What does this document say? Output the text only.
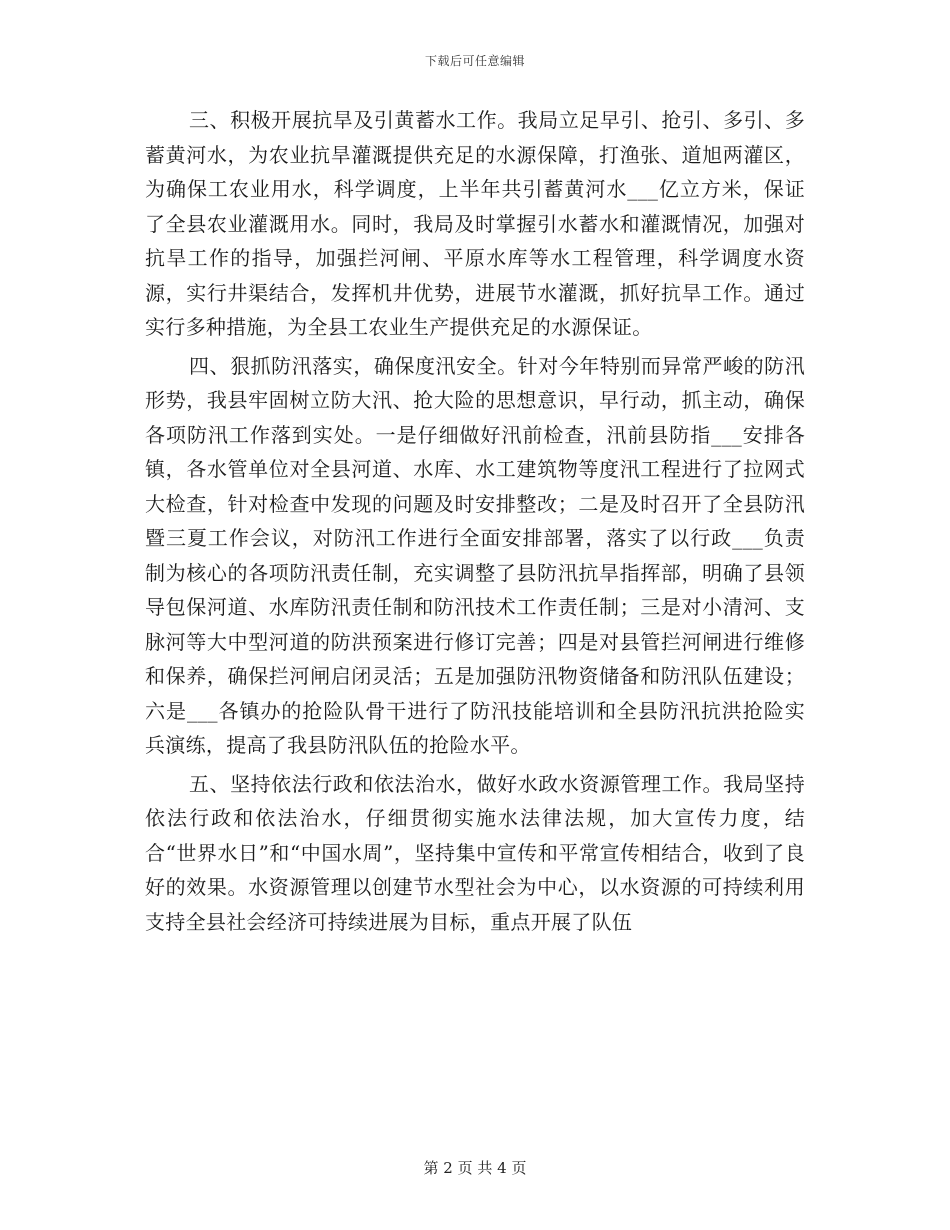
下载后可任意编辑

三、积极开展抗旱及引黄蓄水工作。我局立足早引、抢引、多引、多蓄黄河水，为农业抗旱灌溉提供充足的水源保障，打渔张、道旭两灌区，为确保工农业用水，科学调度，上半年共引蓄黄河水___亿立方米，保证了全县农业灌溉用水。同时，我局及时掌握引水蓄水和灌溉情况，加强对抗旱工作的指导，加强拦河闸、平原水库等水工程管理，科学调度水资源，实行井渠结合，发挥机井优势，进展节水灌溉，抓好抗旱工作。通过实行多种措施，为全县工农业生产提供充足的水源保证。

四、狠抓防汛落实，确保度汛安全。针对今年特别而异常严峻的防汛形势，我县牢固树立防大汛、抢大险的思想意识，早行动，抓主动，确保各项防汛工作落到实处。一是仔细做好汛前检查，汛前县防指___安排各镇，各水管单位对全县河道、水库、水工建筑物等度汛工程进行了拉网式大检查，针对检查中发现的问题及时安排整改；二是及时召开了全县防汛暨三夏工作会议，对防汛工作进行全面安排部署，落实了以行政___负责制为核心的各项防汛责任制，充实调整了县防汛抗旱指挥部，明确了县领导包保河道、水库防汛责任制和防汛技术工作责任制；三是对小清河、支脉河等大中型河道的防洪预案进行修订完善；四是对县管拦河闸进行维修和保养，确保拦河闸启闭灵活；五是加强防汛物资储备和防汛队伍建设；六是___各镇办的抢险队骨干进行了防汛技能培训和全县防汛抗洪抢险实兵演练，提高了我县防汛队伍的抢险水平。

五、坚持依法行政和依法治水，做好水政水资源管理工作。我局坚持依法行政和依法治水，仔细贯彻实施水法律法规，加大宣传力度，结合“世界水日”和“中国水周”，坚持集中宣传和平常宣传相结合，收到了良好的效果。水资源管理以创建节水型社会为中心，以水资源的可持续利用支持全县社会经济可持续进展为目标，重点开展了队伍

第 2 页 共 4 页
